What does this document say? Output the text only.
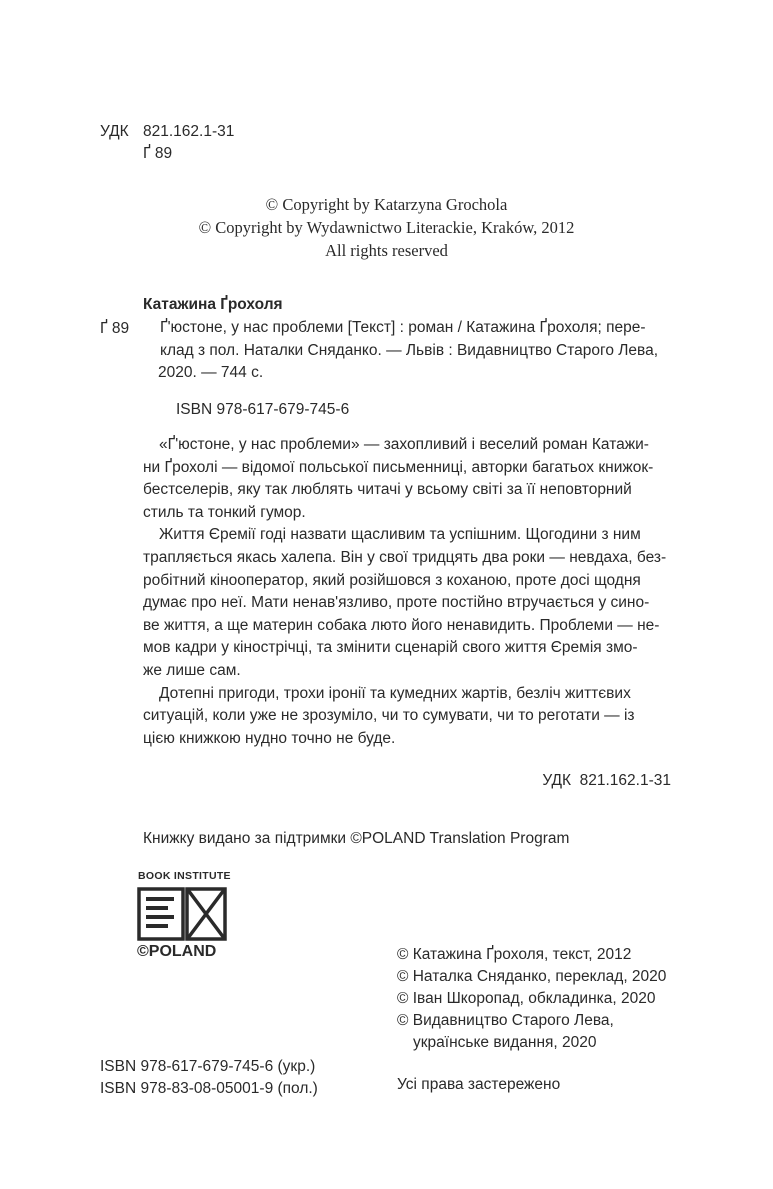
УДК 821.162.1-31
Ґ 89
© Copyright by Katarzyna Grochola
© Copyright by Wydawnictwo Literackie, Kraków, 2012
All rights reserved
Катажина Ґрохоля
Ґ 89 Ґ'юстоне, у нас проблеми [Текст] : роман / Катажина Ґрохоля; пере-
клад з пол. Наталки Сняданко. — Львів : Видавництво Старого Лева,
2020. — 744 с.
ISBN 978-617-679-745-6
«Ґ'юстоне, у нас проблеми» — захопливий і веселий роман Катажи-
ни Ґрохолі — відомої польської письменниці, авторки багатьох книжок-
бестселерів, яку так люблять читачі у всьому світі за її неповторний
стиль та тонкий гумор.
Життя Єремії годі назвати щасливим та успішним. Щогодини з ним
трапляється якась халепа. Він у свої тридцять два роки — невдаха, без-
робітний кінооператор, який розійшовся з коханою, проте досі щодня
думає про неї. Мати ненав'язливо, проте постійно втручається у сино-
ве життя, а ще материн собака люто його ненавидить. Проблеми — не-
мов кадри у кінострічці, та змінити сценарій свого життя Єремія змо-
же лише сам.
Дотепні пригоди, трохи іронії та кумедних жартів, безліч життєвих
ситуацій, коли уже не зрозуміло, чи то сумувати, чи то реготати — із
цією книжкою нудно точно не буде.
УДК  821.162.1-31
Книжку видано за підтримки ©POLAND Translation Program
BOOK INSTITUTE
©POLAND	© Катажина Ґрохоля, текст, 2012
© Наталка Сняданко, переклад, 2020
© Іван Шкоропад, обкладинка, 2020
© Видавництво Старого Лева,
українське видання, 2020
ISBN 978-617-679-745-6 (укр.)
ISBN 978-83-08-05001-9 (пол.)	Усі права застережено
